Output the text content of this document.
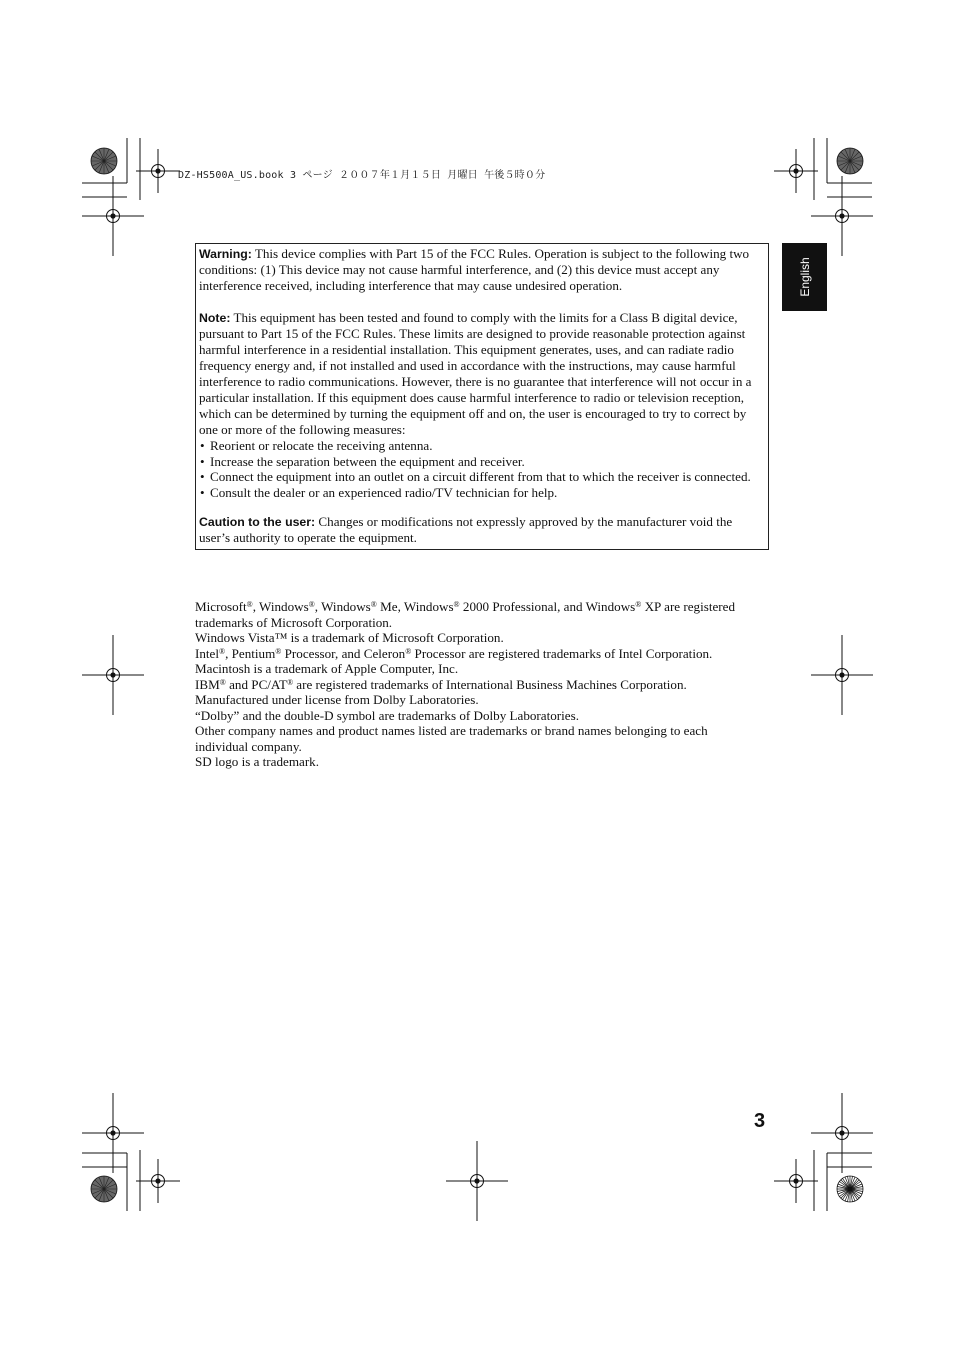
DZ-HS500A_US.book 3 ページ ２００７年１月１５日 月曜日 午後５時０分
English

Warning: This device complies with Part 15 of the FCC Rules. Operation is subject to the following two conditions: (1) This device may not cause harmful interference, and (2) this device must accept any interference received, including interference that may cause undesired operation.

Note: This equipment has been tested and found to comply with the limits for a Class B digital device, pursuant to Part 15 of the FCC Rules. These limits are designed to provide reasonable protection against harmful interference in a residential installation. This equipment generates, uses, and can radiate radio frequency energy and, if not installed and used in accordance with the instructions, may cause harmful interference to radio communications. However, there is no guarantee that interference will not occur in a particular installation. If this equipment does cause harmful interference to radio or television reception, which can be determined by turning the equipment off and on, the user is encouraged to try to correct by one or more of the following measures:

• Reorient or relocate the receiving antenna.
• Increase the separation between the equipment and receiver.
• Connect the equipment into an outlet on a circuit different from that to which the receiver is connected.
• Consult the dealer or an experienced radio/TV technician for help.

Caution to the user: Changes or modifications not expressly approved by the manufacturer void the user’s authority to operate the equipment.

Microsoft®, Windows®, Windows® Me, Windows® 2000 Professional, and Windows® XP are registered trademarks of Microsoft Corporation.

Windows Vista™ is a trademark of Microsoft Corporation.

Intel®, Pentium® Processor, and Celeron® Processor are registered trademarks of Intel Corporation.

Macintosh is a trademark of Apple Computer, Inc.

IBM® and PC/AT® are registered trademarks of International Business Machines Corporation.

Manufactured under license from Dolby Laboratories.

“Dolby” and the double-D symbol are trademarks of Dolby Laboratories.

Other company names and product names listed are trademarks or brand names belonging to each individual company.

SD logo is a trademark.

3
